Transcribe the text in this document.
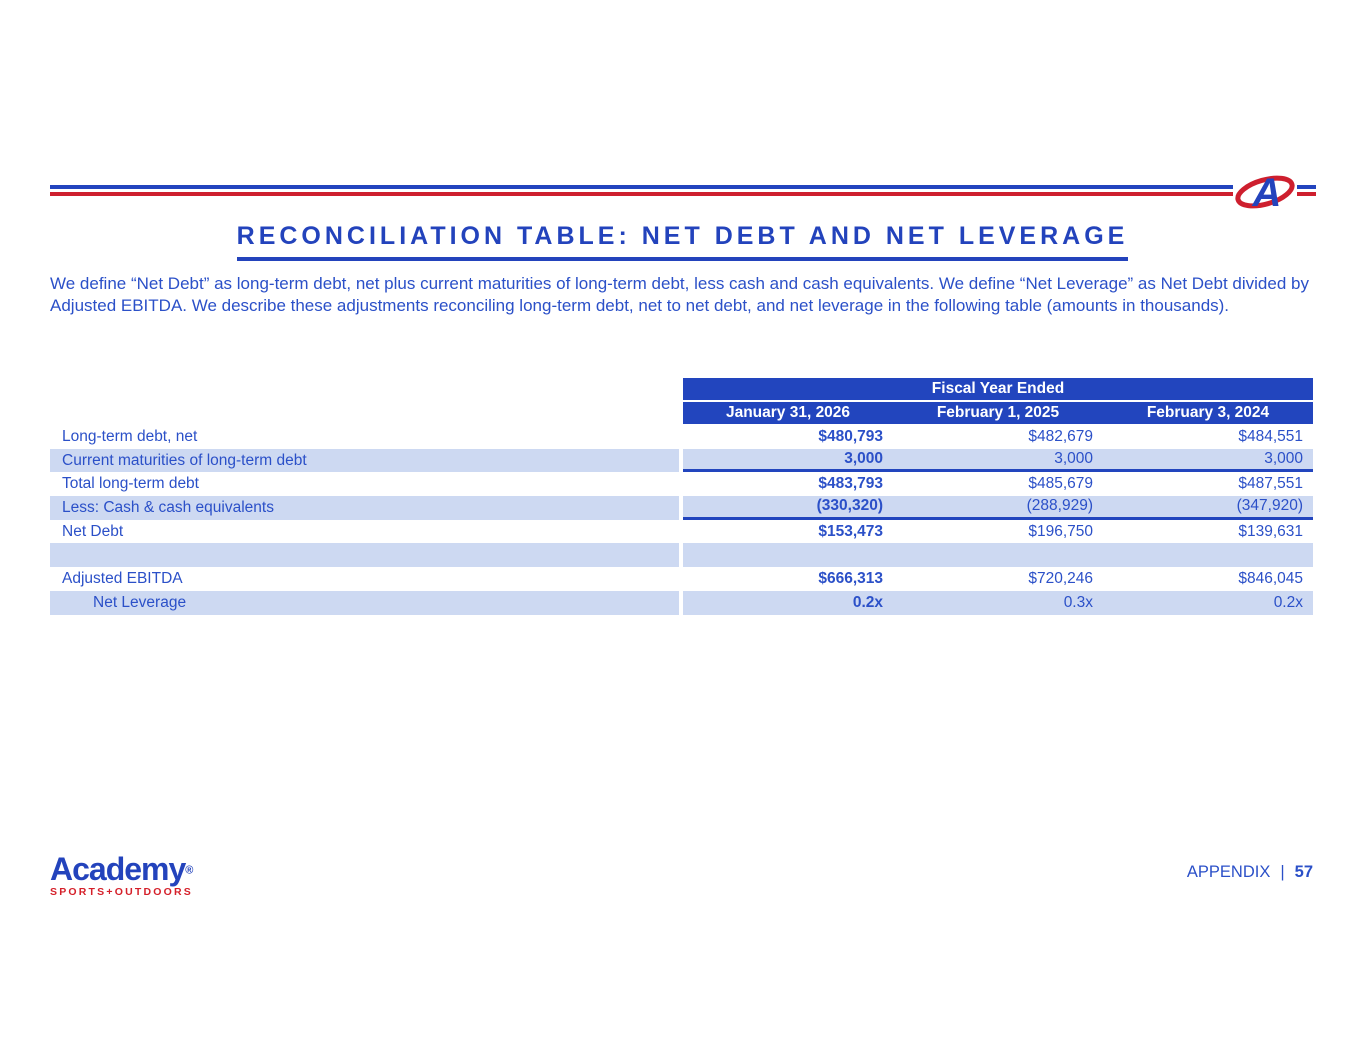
A
RECONCILIATION TABLE: NET DEBT AND NET LEVERAGE

We define “Net Debt” as long-term debt, net plus current maturities of long-term debt, less cash and cash equivalents. We define “Net Leverage” as Net Debt divided by Adjusted EBITDA. We describe these adjustments reconciling long-term debt, net to net debt, and net leverage in the following table (amounts in thousands).

Fiscal Year Ended
January 31, 2026	February 1, 2025	February 3, 2024
Long-term debt, net	$480,793	$482,679	$484,551
Current maturities of long-term debt	3,000	3,000	3,000
Total long-term debt	$483,793	$485,679	$487,551
Less: Cash & cash equivalents	(330,320)	(288,929)	(347,920)
Net Debt	$153,473	$196,750	$139,631
Adjusted EBITDA	$666,313	$720,246	$846,045
Net Leverage	0.2x	0.3x	0.2x
Academy®
SPORTS+OUTDOORS
APPENDIX | 57
